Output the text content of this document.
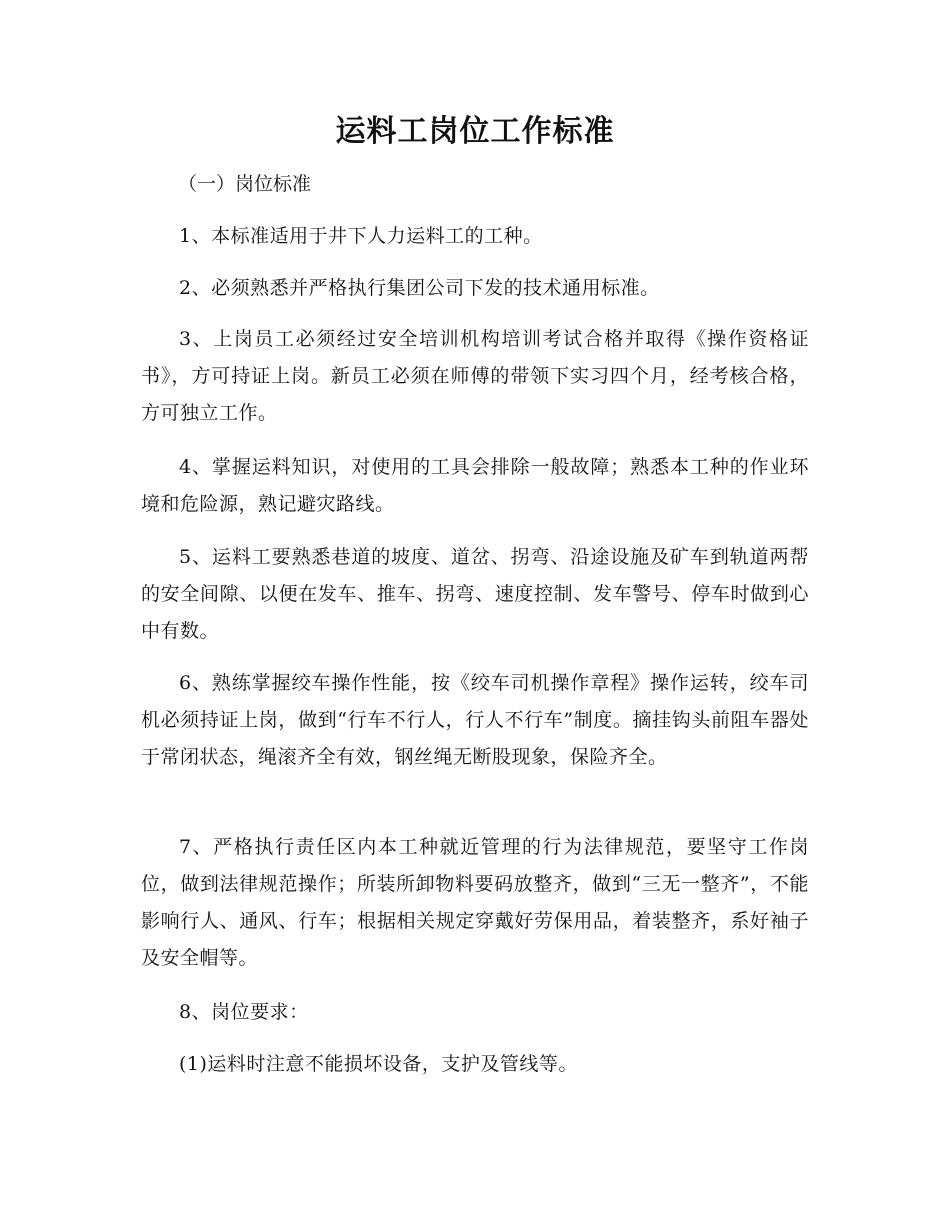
运料工岗位工作标准

（一）岗位标准

1、本标准适用于井下人力运料工的工种。

2、必须熟悉并严格执行集团公司下发的技术通用标准。

3、上岗员工必须经过安全培训机构培训考试合格并取得《操作资格证书》，方可持证上岗。新员工必须在师傅的带领下实习四个月，经考核合格，方可独立工作。

4、掌握运料知识，对使用的工具会排除一般故障；熟悉本工种的作业环境和危险源，熟记避灾路线。

5、运料工要熟悉巷道的坡度、道岔、拐弯、沿途设施及矿车到轨道两帮的安全间隙、以便在发车、推车、拐弯、速度控制、发车警号、停车时做到心中有数。

6、熟练掌握绞车操作性能，按《绞车司机操作章程》操作运转，绞车司机必须持证上岗，做到“行车不行人，行人不行车”制度。摘挂钩头前阻车器处于常闭状态，绳滚齐全有效，钢丝绳无断股现象，保险齐全。

7、严格执行责任区内本工种就近管理的行为法律规范，要坚守工作岗位，做到法律规范操作；所装所卸物料要码放整齐，做到“三无一整齐”，不能影响行人、通风、行车；根据相关规定穿戴好劳保用品，着装整齐，系好袖子及安全帽等。

8、岗位要求：

(1)运料时注意不能损坏设备，支护及管线等。
